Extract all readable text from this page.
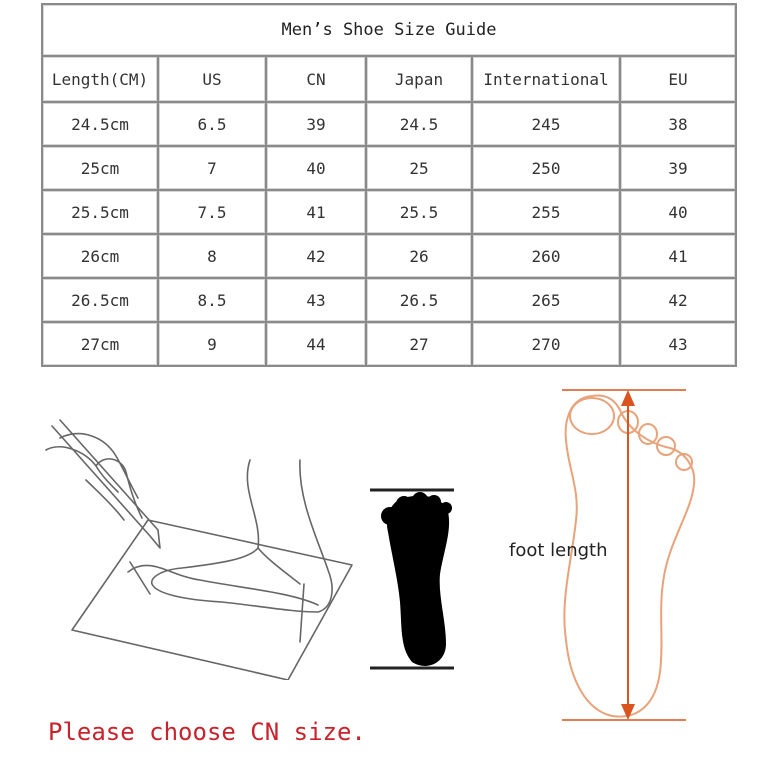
Men’s Shoe Size Guide					
Length(CM)	US	CN	Japan	International	EU
24.5cm	6.5	39	24.5	245	38
25cm	7	40	25	250	39
25.5cm	7.5	41	25.5	255	40
26cm	8	42	26	260	41
26.5cm	8.5	43	26.5	265	42
27cm	9	44	27	270	43
foot length
Please choose CN size.
